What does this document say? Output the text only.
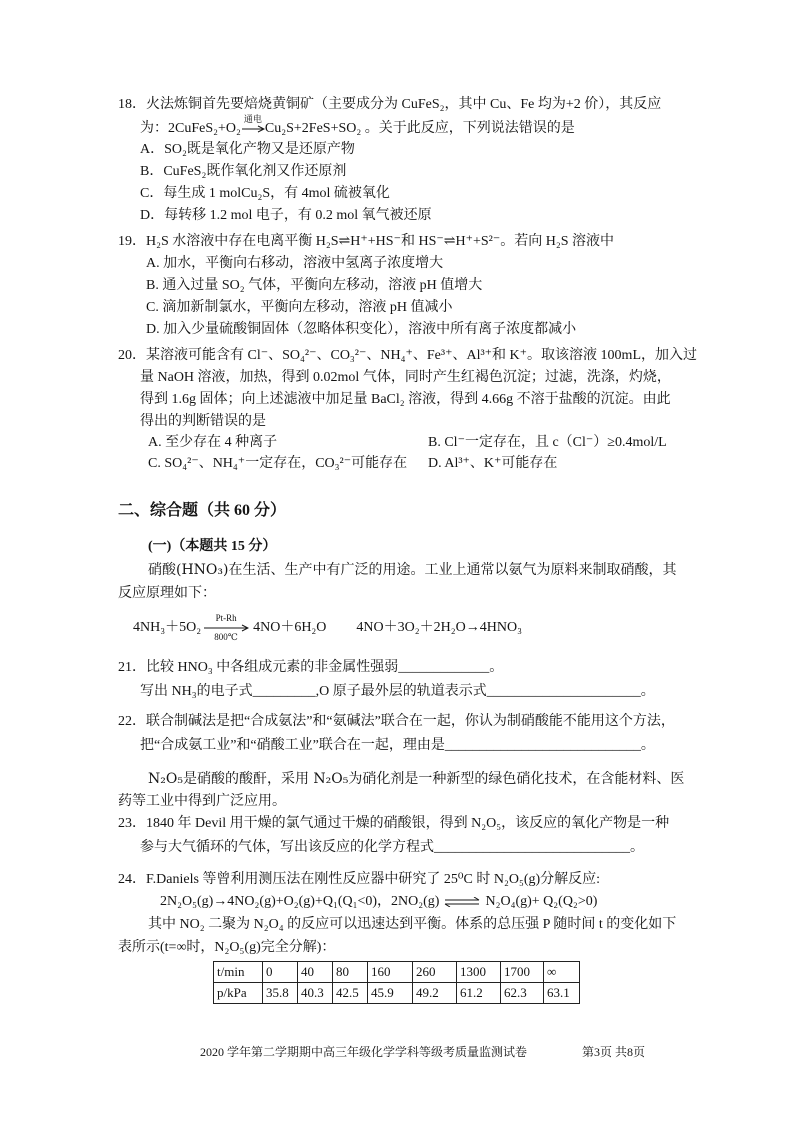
18．火法炼铜首先要焙烧黄铜矿（主要成分为 CuFeS₂，其中 Cu、Fe 均为+2 价），其反应
为：2CuFeS₂+O₂
通电
Cu₂S+2FeS+SO₂ 。关于此反应，下列说法错误的是
A．SO₂既是氧化产物又是还原产物
B．CuFeS₂既作氧化剂又作还原剂
C．每生成 1 molCu₂S，有 4mol 硫被氧化
D．每转移 1.2 mol 电子，有 0.2 mol 氧气被还原
19．H₂S 水溶液中存在电离平衡 H₂S⇌H⁺+HS⁻和 HS⁻⇌H⁺+S²⁻。若向 H₂S 溶液中
A. 加水，平衡向右移动，溶液中氢离子浓度增大
B. 通入过量 SO₂ 气体，平衡向左移动，溶液 pH 值增大
C. 滴加新制氯水，平衡向左移动，溶液 pH 值减小
D. 加入少量硫酸铜固体（忽略体积变化），溶液中所有离子浓度都减小
20．某溶液可能含有 Cl⁻、SO₄²⁻、CO₃²⁻、NH₄⁺、Fe³⁺、Al³⁺和 K⁺。取该溶液 100mL，加入过
量 NaOH 溶液，加热，得到 0.02mol 气体，同时产生红褐色沉淀；过滤，洗涤，灼烧，
得到 1.6g 固体；向上述滤液中加足量 BaCl₂ 溶液，得到 4.66g 不溶于盐酸的沉淀。由此
得出的判断错误的是
A. 至少存在 4 种离子	B. Cl⁻一定存在，且 c（Cl⁻）≥0.4mol/L
C. SO₄²⁻、NH₄⁺一定存在，CO₃²⁻可能存在 D. Al³⁺、K⁺可能存在
二、综合题（共 60 分）
(一)（本题共 15 分）
硝酸(HNO₃)在生活、生产中有广泛的用途。工业上通常以氨气为原料来制取硝酸，其
反应原理如下：
4NH₃＋5O₂
Pt-Rh
800℃
4NO＋6H₂O 4NO＋3O₂＋2H₂O→4HNO₃
21．比较 HNO₃ 中各组成元素的非金属性强弱_____________。
写出 NH₃的电子式_________,O 原子最外层的轨道表示式______________________。
22．联合制碱法是把“合成氨法”和“氨碱法”联合在一起，你认为制硝酸能不能用这个方法，
把“合成氨工业”和“硝酸工业”联合在一起，理由是____________________________。
N₂O₅是硝酸的酸酐，采用 N₂O₅为硝化剂是一种新型的绿色硝化技术，在含能材料、医
药等工业中得到广泛应用。
23．1840 年 Devil 用干燥的氯气通过干燥的硝酸银，得到 N₂O₅，该反应的氧化产物是一种
参与大气循环的气体，写出该反应的化学方程式____________________________。
24．F.Daniels 等曾利用测压法在刚性反应器中研究了 25⁰C 时 N₂O₅(g)分解反应:
2N₂O₅(g)→4NO₂(g)+O₂(g)+Q₁(Q₁<0)，2NO₂(g) ⇌ N₂O₄(g)+ Q₂(Q₂>0)
其中 NO₂ 二聚为 N₂O₄ 的反应可以迅速达到平衡。体系的总压强 P 随时间 t 的变化如下
表所示(t=∞时，N₂O₅(g)完全分解)：
t/min	0	40	80	160	260	1300	1700	∞
p/kPa	35.8	40.3	42.5	45.9	49.2	61.2	62.3	63.1
2020 学年第二学期期中高三年级化学学科等级考质量监测试卷	第3页 共8页
